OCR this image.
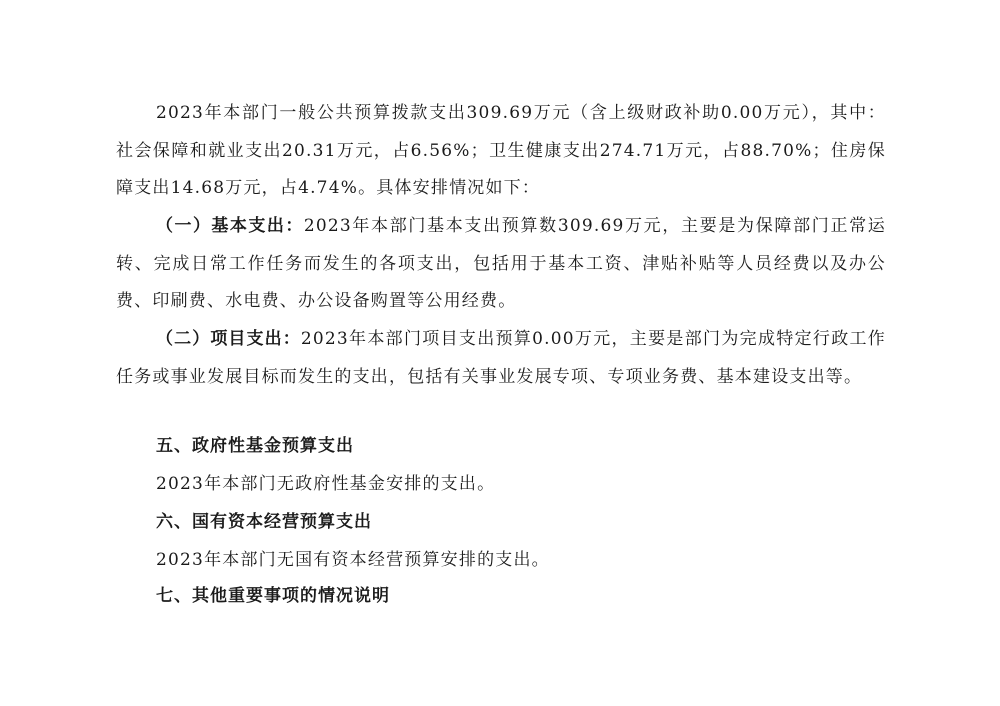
2023年本部门一般公共预算拨款支出309.69万元（含上级财政补助0.00万元），其中：社会保障和就业支出20.31万元，占6.56%；卫生健康支出274.71万元，占88.70%；住房保障支出14.68万元，占4.74%。具体安排情况如下：
（一）基本支出：2023年本部门基本支出预算数309.69万元，主要是为保障部门正常运转、完成日常工作任务而发生的各项支出，包括用于基本工资、津贴补贴等人员经费以及办公费、印刷费、水电费、办公设备购置等公用经费。
（二）项目支出：2023年本部门项目支出预算0.00万元，主要是部门为完成特定行政工作任务或事业发展目标而发生的支出，包括有关事业发展专项、专项业务费、基本建设支出等。
五、政府性基金预算支出
2023年本部门无政府性基金安排的支出。
六、国有资本经营预算支出
2023年本部门无国有资本经营预算安排的支出。
七、其他重要事项的情况说明
